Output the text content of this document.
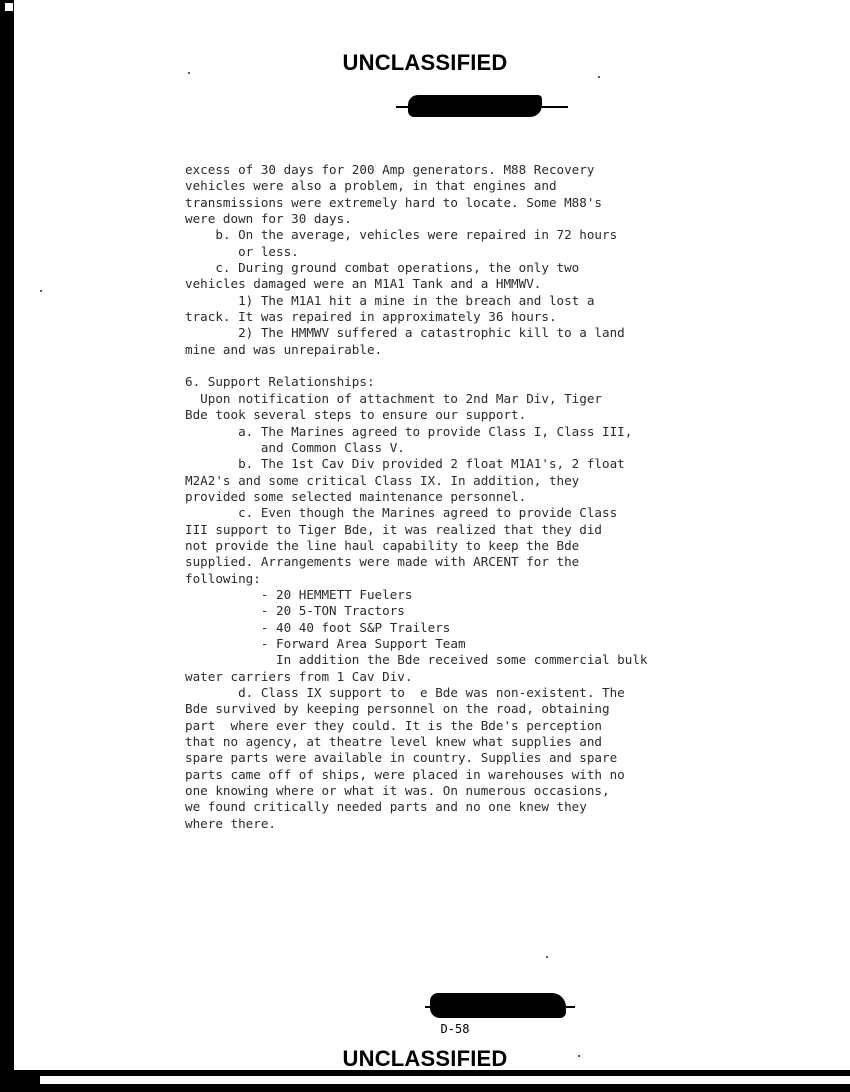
UNCLASSIFIED
excess of 30 days for 200 Amp generators. M88 Recovery
vehicles were also a problem, in that engines and
transmissions were extremely hard to locate. Some M88's
were down for 30 days.
b. On the average, vehicles were repaired in 72 hours
or less.
c. During ground combat operations, the only two
vehicles damaged were an M1A1 Tank and a HMMWV.
1) The M1A1 hit a mine in the breach and lost a
track. It was repaired in approximately 36 hours.
2) The HMMWV suffered a catastrophic kill to a land
mine and was unrepairable.
6. Support Relationships:
Upon notification of attachment to 2nd Mar Div, Tiger
Bde took several steps to ensure our support.
a. The Marines agreed to provide Class I, Class III,
and Common Class V.
b. The 1st Cav Div provided 2 float M1A1's, 2 float
M2A2's and some critical Class IX. In addition, they
provided some selected maintenance personnel.
c. Even though the Marines agreed to provide Class
III support to Tiger Bde, it was realized that they did
not provide the line haul capability to keep the Bde
supplied. Arrangements were made with ARCENT for the
following:
- 20 HEMMETT Fuelers
- 20 5-TON Tractors
- 40 40 foot S&P Trailers
- Forward Area Support Team
In addition the Bde received some commercial bulk
water carriers from 1 Cav Div.
d. Class IX support to  e Bde was non-existent. The
Bde survived by keeping personnel on the road, obtaining
part  where ever they could. It is the Bde's perception
that no agency, at theatre level knew what supplies and
spare parts were available in country. Supplies and spare
parts came off of ships, were placed in warehouses with no
one knowing where or what it was. On numerous occasions,
we found critically needed parts and no one knew they
where there.
D-58
UNCLASSIFIED
